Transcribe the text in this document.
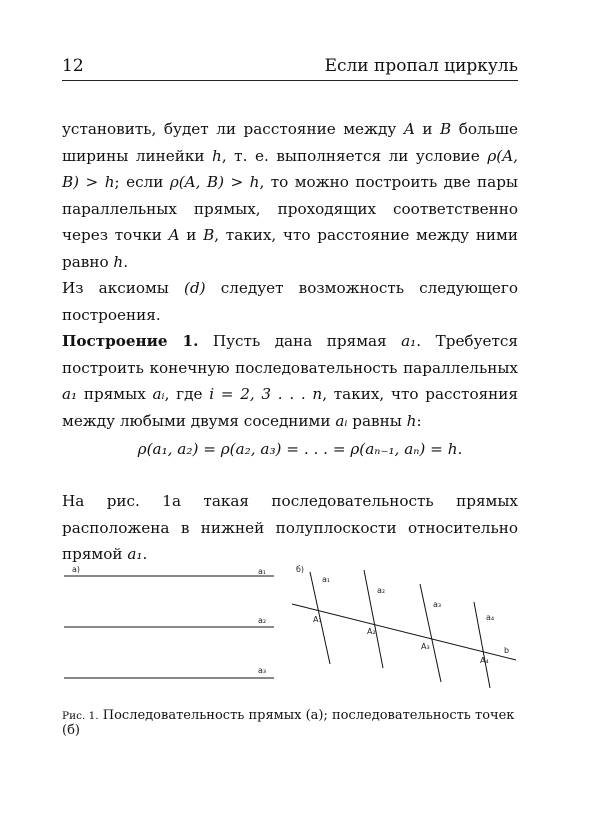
12	Если пропал циркуль

установить, будет ли расстояние между A и B больше ширины линейки h, т. е. выполняется ли условие ρ(A, B) > h; если ρ(A, B) > h, то можно построить две пары параллельных прямых, проходящих соответственно через точки A и B, таких, что расстояние между ними равно h.

Из аксиомы (d) следует возможность следующего построения.

Построение 1. Пусть дана прямая a₁. Требуется построить конечную последовательность параллельных a₁ прямых aᵢ, где i = 2, 3 . . . n, таких, что расстояния между любыми двумя соседними aᵢ равны h:

ρ(a₁, a₂) = ρ(a₂, a₃) = . . . = ρ(aₙ₋₁, aₙ) = h.
На рис. 1а такая последовательность прямых расположена в нижней полуплоскости относительно прямой a₁.
а)	a₁
a₂
a₃
б)
b
a₁
A₁
a₂
A₂
a₃
A₃
a₄
A₄
Рис. 1. Последовательность прямых (а); последовательность точек (б)
